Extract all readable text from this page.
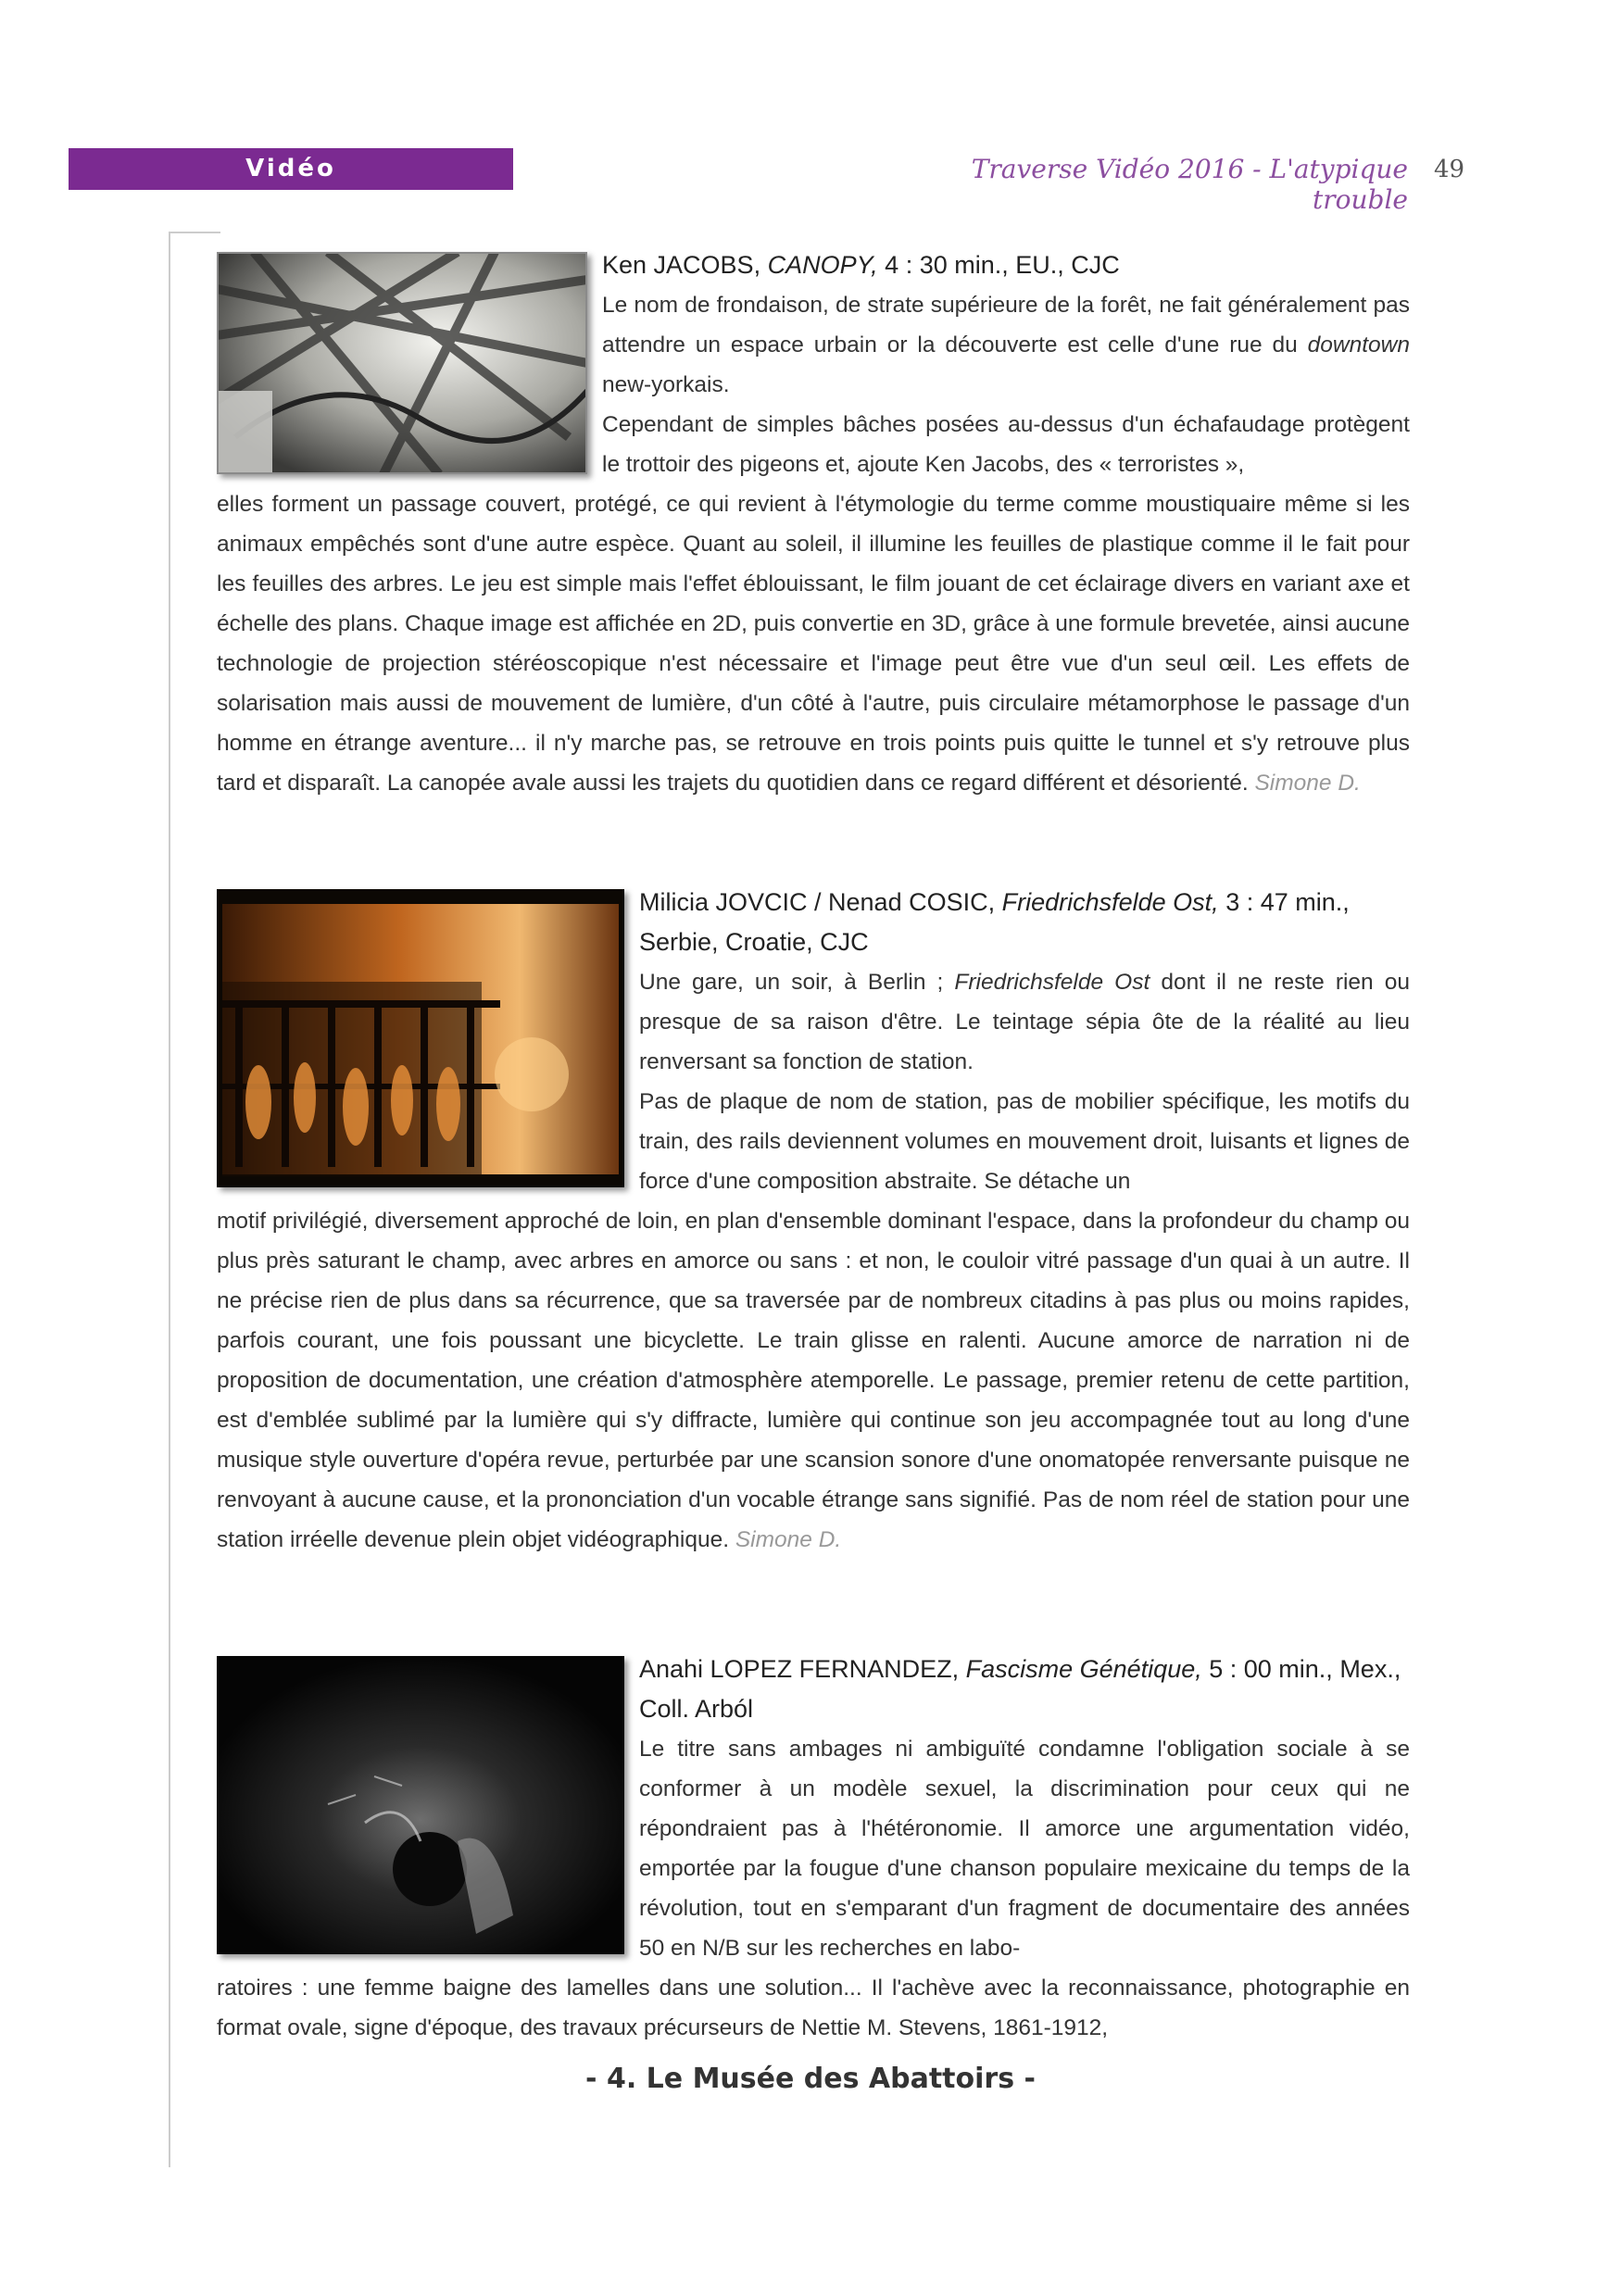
Vidéo	Traverse Vidéo 2016 - L'atypique trouble
49
Ken JACOBS, CANOPY, 4 : 30 min., EU., CJC

Le nom de frondaison, de strate supérieure de la forêt, ne fait généralement pas attendre un espace urbain or la découverte est celle d'une rue du downtown new-yorkais.

Cependant de simples bâches posées au-dessus d'un échafaudage protègent le trottoir des pigeons et, ajoute Ken Jacobs, des « terroristes »,

elles forment un passage couvert, protégé, ce qui revient à l'étymologie du terme comme moustiquaire même si les animaux empêchés sont d'une autre espèce. Quant au soleil, il illumine les feuilles de plastique comme il le fait pour les feuilles des arbres. Le jeu est simple mais l'effet éblouissant, le film jouant de cet éclairage divers en variant axe et échelle des plans. Chaque image est affichée en 2D, puis convertie en 3D, grâce à une formule brevetée, ainsi aucune technologie de projection stéréoscopique n'est nécessaire et l'image peut être vue d'un seul œil. Les effets de solarisation mais aussi de mouvement de lumière, d'un côté à l'autre, puis circulaire métamorphose le passage d'un homme en étrange aventure... il n'y marche pas, se retrouve en trois points puis quitte le tunnel et s'y retrouve plus tard et disparaît. La canopée avale aussi les trajets du quotidien dans ce regard différent et désorienté. Simone D.

Milicia JOVCIC / Nenad COSIC, Friedrichsfelde Ost, 3 : 47 min., Serbie, Croatie, CJC

Une gare, un soir, à Berlin ; Friedrichsfelde Ost dont il ne reste rien ou presque de sa raison d'être. Le teintage sépia ôte de la réalité au lieu renversant sa fonction de station.

Pas de plaque de nom de station, pas de mobilier spécifique, les motifs du train, des rails deviennent volumes en mouvement droit, luisants et lignes de force d'une composition abstraite. Se détache un

motif privilégié, diversement approché de loin, en plan d'ensemble dominant l'espace, dans la profondeur du champ ou plus près saturant le champ, avec arbres en amorce ou sans : et non, le couloir vitré passage d'un quai à un autre. Il ne précise rien de plus dans sa récurrence, que sa traversée par de nombreux citadins à pas plus ou moins rapides, parfois courant, une fois poussant une bicyclette. Le train glisse en ralenti. Aucune amorce de narration ni de proposition de documentation, une création d'atmosphère atemporelle. Le passage, premier retenu de cette partition, est d'emblée sublimé par la lumière qui s'y diffracte, lumière qui continue son jeu accompagnée tout au long d'une musique style ouverture d'opéra revue, perturbée par une scansion sonore d'une onomatopée renversante puisque ne renvoyant à aucune cause, et la prononciation d'un vocable étrange sans signifié. Pas de nom réel de station pour une station irréelle devenue plein objet vidéographique. Simone D.

Anahi LOPEZ FERNANDEZ, Fascisme Génétique, 5 : 00 min., Mex., Coll. Arból

Le titre sans ambages ni ambiguïté condamne l'obligation sociale à se conformer à un modèle sexuel, la discrimination pour ceux qui ne répondraient pas à l'hétéronomie. Il amorce une argumentation vidéo, emportée par la fougue d'une chanson populaire mexicaine du temps de la révolution, tout en s'emparant d'un fragment de documentaire des années 50 en N/B sur les recherches en labo-

ratoires : une femme baigne des lamelles dans une solution... Il l'achève avec la reconnaissance, photographie en format ovale, signe d'époque, des travaux précurseurs de Nettie M. Stevens, 1861-1912,

- 4. Le Musée des Abattoirs -
